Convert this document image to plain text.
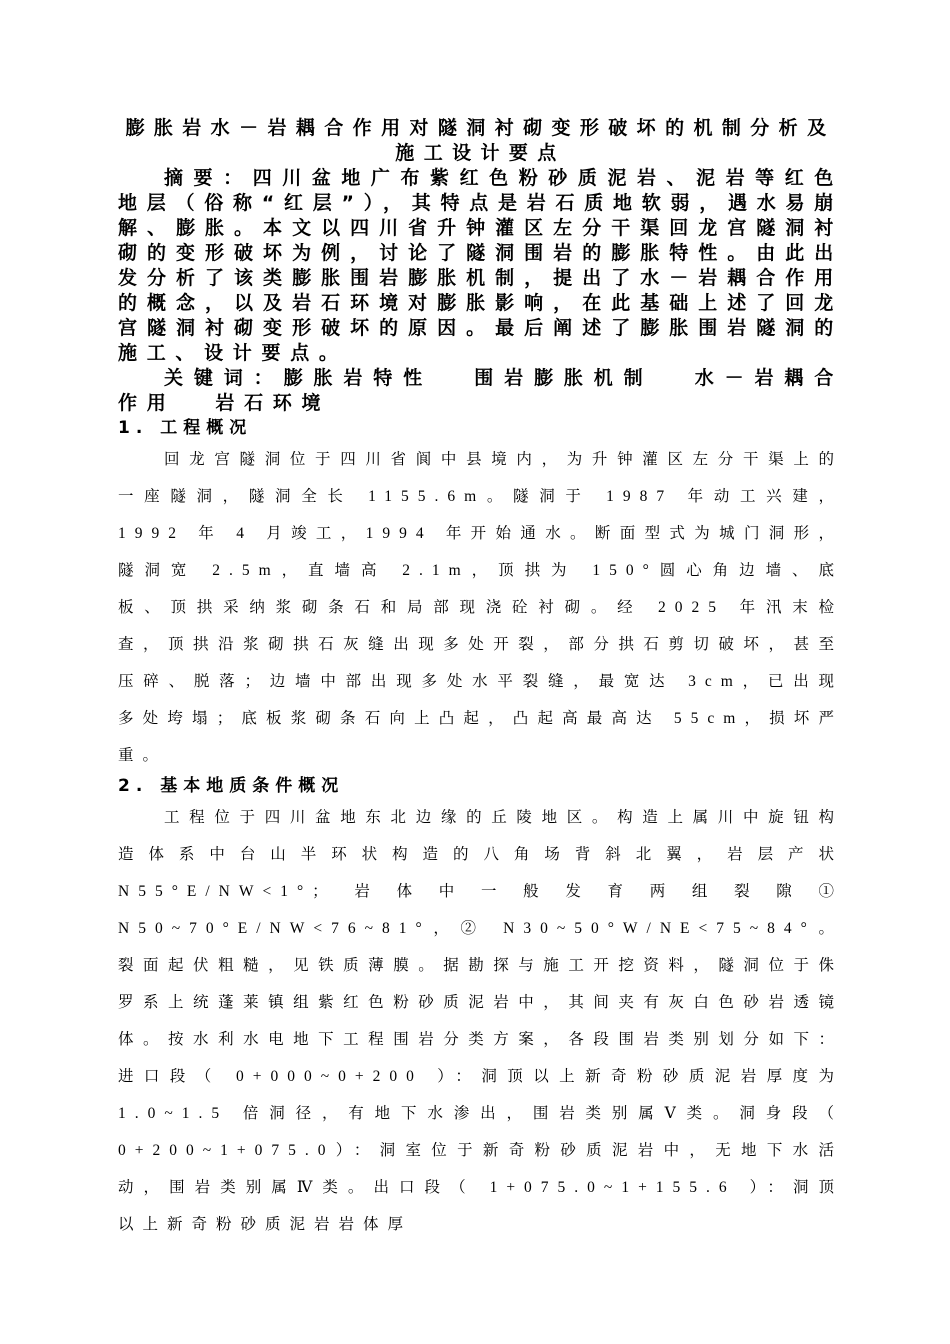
膨胀岩水－岩耦合作用对隧洞衬砌变形破坏的机制分析及施工设计要点

摘要：四川盆地广布紫红色粉砂质泥岩、泥岩等红色地层（俗称“红层”），其特点是岩石质地软弱，遇水易崩解、膨胀。本文以四川省升钟灌区左分干渠回龙宫隧洞衬砌的变形破坏为例，讨论了隧洞围岩的膨胀特性。由此出发分析了该类膨胀围岩膨胀机制，提出了水－岩耦合作用的概念，以及岩石环境对膨胀影响，在此基础上述了回龙宫隧洞衬砌变形破坏的原因。最后阐述了膨胀围岩隧洞的施工、设计要点。

关键词：膨胀岩特性 围岩膨胀机制 水－岩耦合作用 岩石环境

1. 工程概况

回龙宫隧洞位于四川省阆中县境内，为升钟灌区左分干渠上的一座隧洞，隧洞全长 1155.6m。隧洞于 1987 年动工兴建，1992 年 4 月竣工，1994 年开始通水。断面型式为城门洞形，隧洞宽 2.5m，直墙高 2.1m，顶拱为 150°圆心角边墙、底板、顶拱采纳浆砌条石和局部现浇砼衬砌。经 2025 年汛末检查，顶拱沿浆砌拱石灰缝出现多处开裂，部分拱石剪切破坏，甚至压碎、脱落；边墙中部出现多处水平裂缝，最宽达 3cm，已出现多处垮塌；底板浆砌条石向上凸起，凸起高最高达 55cm，损坏严重。

2. 基本地质条件概况

工程位于四川盆地东北边缘的丘陵地区。构造上属川中旋钮构造体系中台山半环状构造的八角场背斜北翼，岩层产状 N55°E/NW<1°；岩体中一般发育两组裂隙① N50~70°E/NW<76~81°，② N30~50°W/NE<75~84°。裂面起伏粗糙，见铁质薄膜。据勘探与施工开挖资料，隧洞位于侏罗系上统蓬莱镇组紫红色粉砂质泥岩中，其间夹有灰白色砂岩透镜体。按水利水电地下工程围岩分类方案，各段围岩类别划分如下：进口段（ 0+000~0+200 ）：洞顶以上新奇粉砂质泥岩厚度为 1.0~1.5 倍洞径，有地下水渗出，围岩类别属Ⅴ类。洞身段（ 0+200~1+075.0）：洞室位于新奇粉砂质泥岩中，无地下水活动，围岩类别属Ⅳ类。出口段（ 1+075.0~1+155.6 ）：洞顶以上新奇粉砂质泥岩岩体厚
